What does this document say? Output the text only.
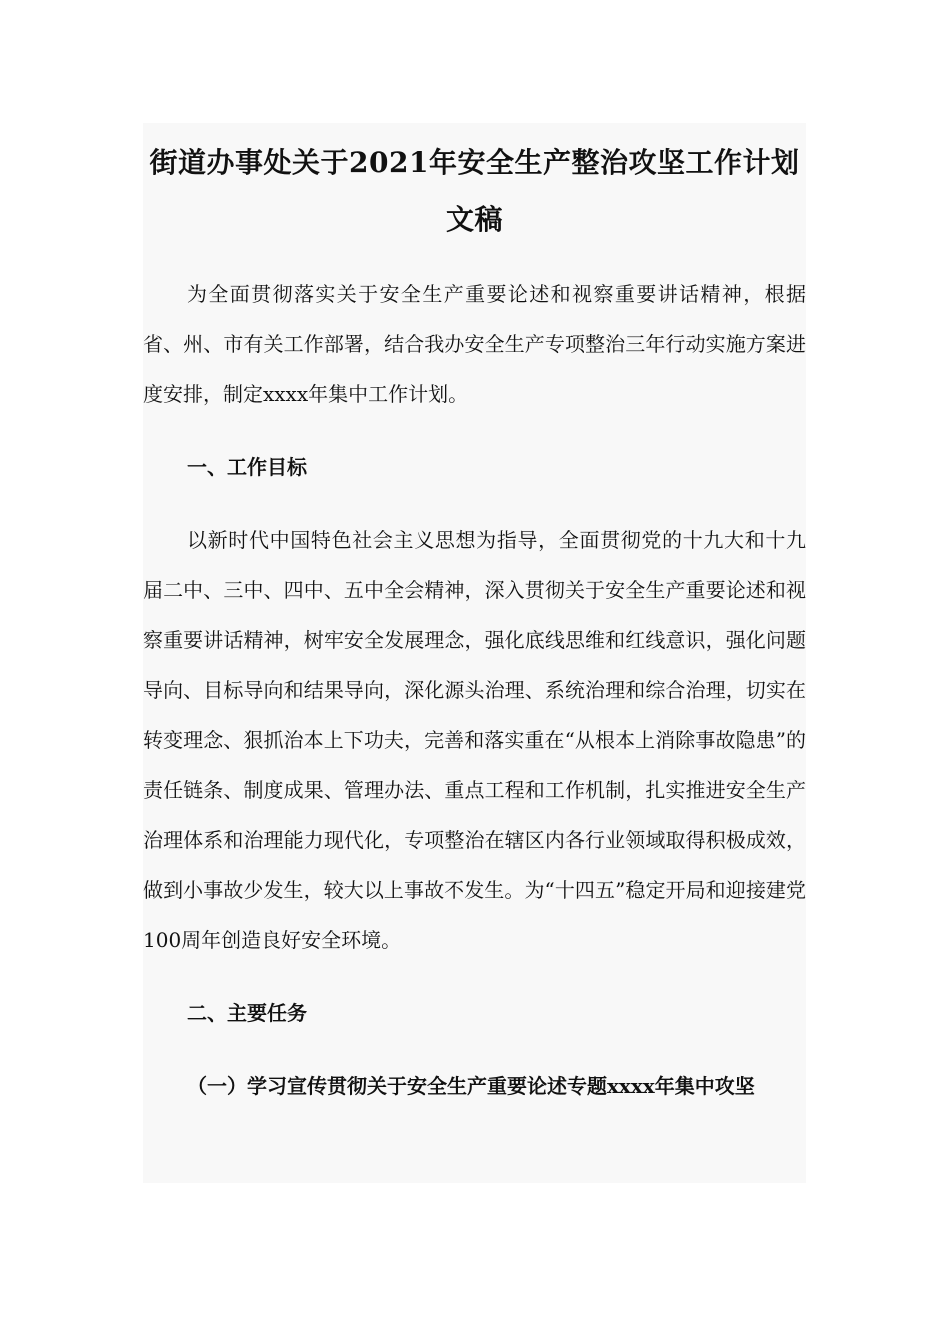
街道办事处关于2021年安全生产整治攻坚工作计划文稿

为全面贯彻落实关于安全生产重要论述和视察重要讲话精神，根据省、州、市有关工作部署，结合我办安全生产专项整治三年行动实施方案进度安排，制定xxxx年集中工作计划。

一、工作目标

以新时代中国特色社会主义思想为指导，全面贯彻党的十九大和十九届二中、三中、四中、五中全会精神，深入贯彻关于安全生产重要论述和视察重要讲话精神，树牢安全发展理念，强化底线思维和红线意识，强化问题导向、目标导向和结果导向，深化源头治理、系统治理和综合治理，切实在转变理念、狠抓治本上下功夫，完善和落实重在“从根本上消除事故隐患”的责任链条、制度成果、管理办法、重点工程和工作机制，扎实推进安全生产治理体系和治理能力现代化，专项整治在辖区内各行业领域取得积极成效，做到小事故少发生，较大以上事故不发生。为“十四五”稳定开局和迎接建党100周年创造良好安全环境。

二、主要任务

（一）学习宣传贯彻关于安全生产重要论述专题xxxx年集中攻坚
